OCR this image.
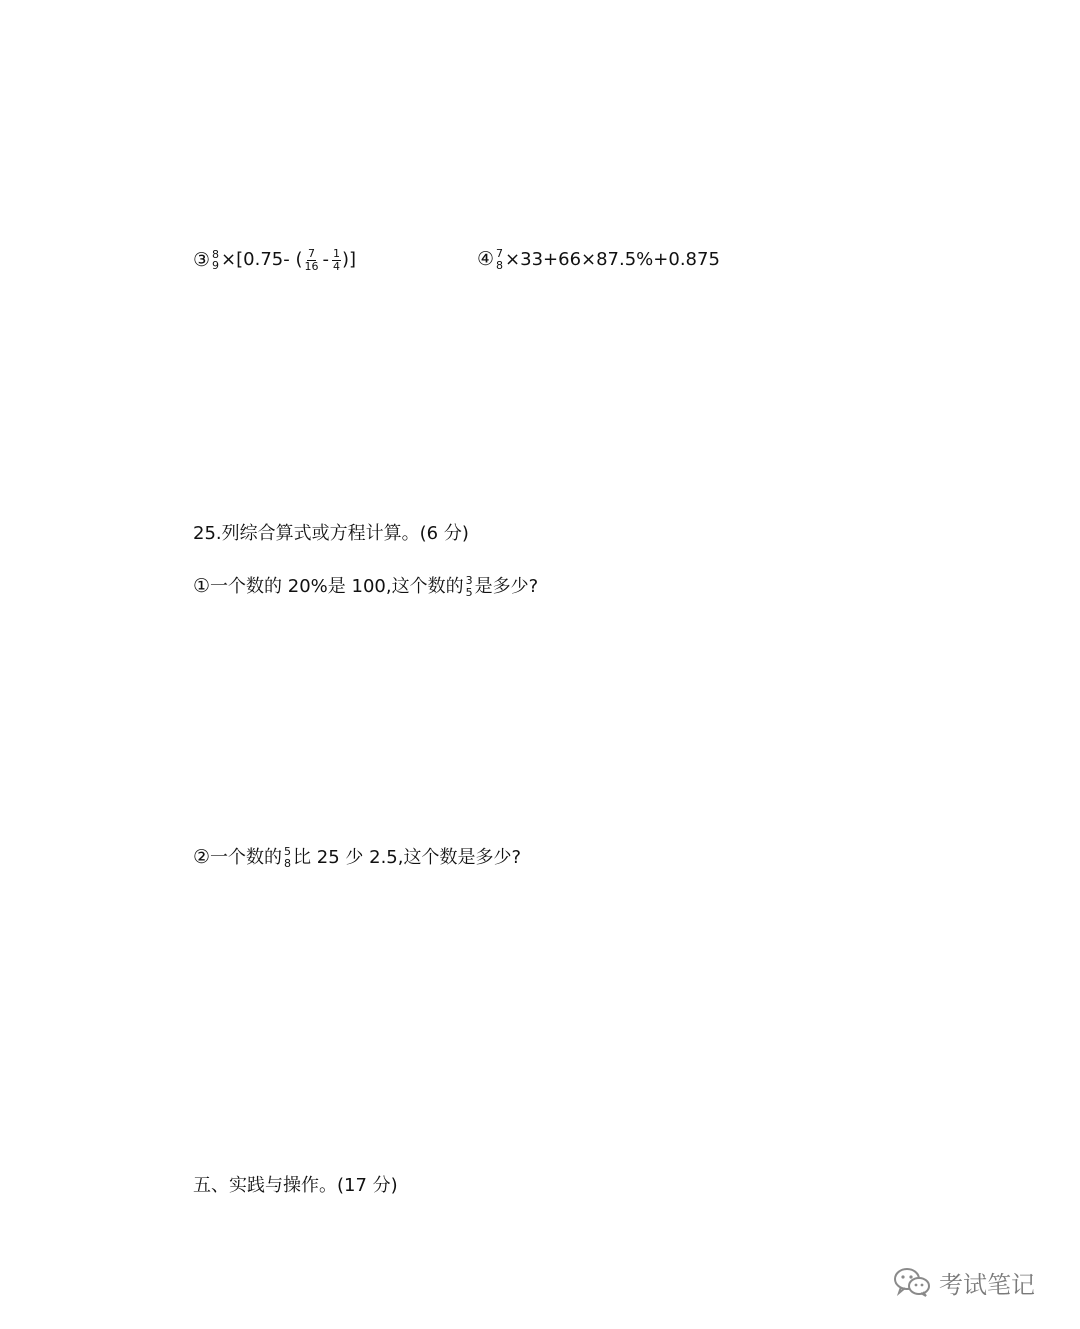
③ 8
9 ×[0.75- ( $\frac{7}{16} - \frac{1}{4}$ )]	④ 7
8 ×33+66×87.5%+0.875
25.列综合算式或方程计算。(6 分)
① 一个数的 20%是 100,这个数的 3
5 是多少?
② 一个数的 5
8 比 25 少 2.5,这个数是多少?
五、实践与操作。(17 分)
考试笔记
